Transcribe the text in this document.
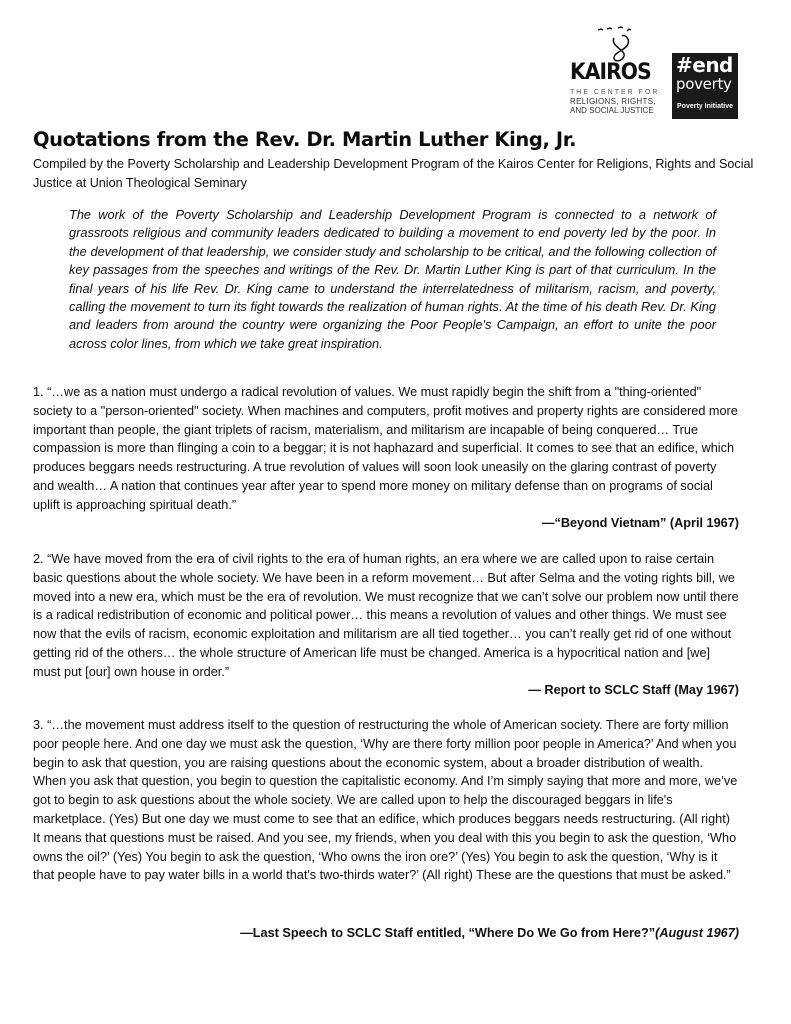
KAIROS
THE CENTER FOR
RELIGIONS, RIGHTS,
AND SOCIAL JUSTICE
#end
poverty
Poverty Initiative
Quotations from the Rev. Dr. Martin Luther King, Jr.
Compiled by the Poverty Scholarship and Leadership Development Program of the Kairos Center for Religions, Rights and Social Justice at Union Theological Seminary

The work of the Poverty Scholarship and Leadership Development Program is connected to a network of grassroots religious and community leaders dedicated to building a movement to end poverty led by the poor. In the development of that leadership, we consider study and scholarship to be critical, and the following collection of key passages from the speeches and writings of the Rev. Dr. Martin Luther King is part of that curriculum. In the final years of his life Rev. Dr. King came to understand the interrelatedness of militarism, racism, and poverty, calling the movement to turn its fight towards the realization of human rights. At the time of his death Rev. Dr. King and leaders from around the country were organizing the Poor People's Campaign, an effort to unite the poor across color lines, from which we take great inspiration.

1. “…we as a nation must undergo a radical revolution of values. We must rapidly begin the shift from a "thing-oriented" society to a "person-oriented" society. When machines and computers, profit motives and property rights are considered more important than people, the giant triplets of racism, materialism, and militarism are incapable of being conquered… True compassion is more than flinging a coin to a beggar; it is not haphazard and superficial. It comes to see that an edifice, which produces beggars needs restructuring. A true revolution of values will soon look uneasily on the glaring contrast of poverty and wealth… A nation that continues year after year to spend more money on military defense than on programs of social uplift is approaching spiritual death.”

—“Beyond Vietnam” (April 1967)

2. “We have moved from the era of civil rights to the era of human rights, an era where we are called upon to raise certain basic questions about the whole society. We have been in a reform movement… But after Selma and the voting rights bill, we moved into a new era, which must be the era of revolution. We must recognize that we can’t solve our problem now until there is a radical redistribution of economic and political power… this means a revolution of values and other things. We must see now that the evils of racism, economic exploitation and militarism are all tied together… you can’t really get rid of one without getting rid of the others… the whole structure of American life must be changed. America is a hypocritical nation and [we] must put [our] own house in order.”

— Report to SCLC Staff (May 1967)

3. “…the movement must address itself to the question of restructuring the whole of American society. There are forty million poor people here. And one day we must ask the question, ‘Why are there forty million poor people in America?’ And when you begin to ask that question, you are raising questions about the economic system, about a broader distribution of wealth. When you ask that question, you begin to question the capitalistic economy. And I’m simply saying that more and more, we’ve got to begin to ask questions about the whole society. We are called upon to help the discouraged beggars in life's marketplace. (Yes) But one day we must come to see that an edifice, which produces beggars needs restructuring. (All right) It means that questions must be raised. And you see, my friends, when you deal with this you begin to ask the question, ‘Who owns the oil?’ (Yes) You begin to ask the question, ‘Who owns the iron ore?’ (Yes) You begin to ask the question, ‘Why is it that people have to pay water bills in a world that's two-thirds water?’ (All right) These are the questions that must be asked.”

—Last Speech to SCLC Staff entitled, “Where Do We Go from Here?”(August 1967)
